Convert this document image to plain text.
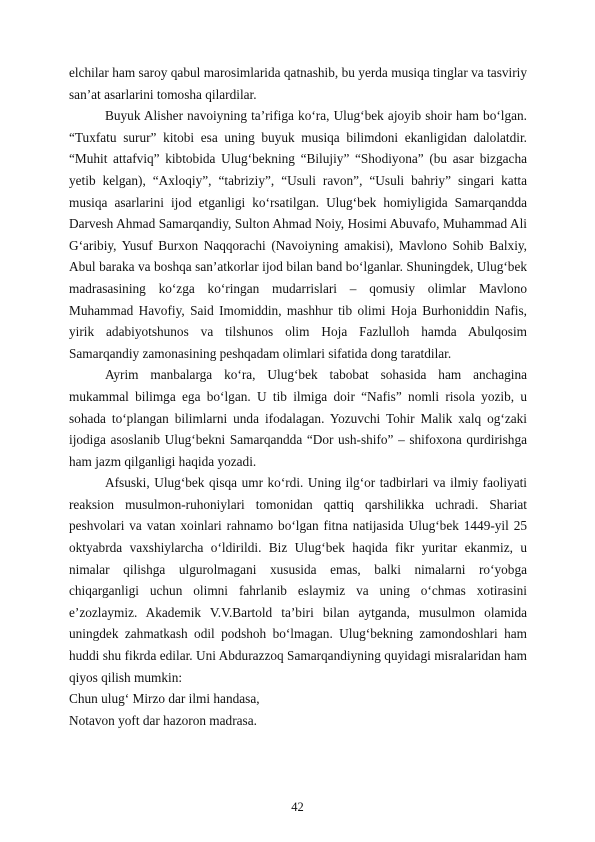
elchilar ham saroy qabul marosimlarida qatnashib, bu yerda musiqa tinglar va tasviriy san’at asarlarini tomosha qilardilar.

Buyuk Alisher navoiyning ta’rifiga ko‘ra, Ulug‘bek ajoyib shoir ham bo‘lgan. “Tuxfatu surur” kitobi esa uning buyuk musiqa bilimdoni ekanligidan dalolatdir. “Muhit attafviq” kibtobida Ulug‘bekning “Bilujiy” “Shodiyona” (bu asar bizgacha yetib kelgan), “Axloqiy”, “tabriziy”, “Usuli ravon”, “Usuli bahriy” singari katta musiqa asarlarini ijod etganligi ko‘rsatilgan. Ulug‘bek homiyligida Samarqandda Darvesh Ahmad Samarqandiy, Sulton Ahmad Noiy, Hosimi Abuvafo, Muhammad Ali G‘aribiy, Yusuf Burxon Naqqorachi (Navoiyning amakisi), Mavlono Sohib Balxiy, Abul baraka va boshqa san’atkorlar ijod bilan band bo‘lganlar. Shuningdek, Ulug‘bek madrasasining ko‘zga ko‘ringan mudarrislari – qomusiy olimlar Mavlono Muhammad Havofiy, Said Imomiddin, mashhur tib olimi Hoja Burhoniddin Nafis, yirik adabiyotshunos va tilshunos olim Hoja Fazlulloh hamda Abulqosim Samarqandiy zamonasining peshqadam olimlari sifatida dong taratdilar.

Ayrim manbalarga ko‘ra, Ulug‘bek tabobat sohasida ham anchagina mukammal bilimga ega bo‘lgan. U tib ilmiga doir “Nafis” nomli risola yozib, u sohada to‘plangan bilimlarni unda ifodalagan. Yozuvchi Tohir Malik xalq og‘zaki ijodiga asoslanib Ulug‘bekni Samarqandda “Dor ush-shifo” – shifoxona qurdirishga ham jazm qilganligi haqida yozadi.

Afsuski, Ulug‘bek qisqa umr ko‘rdi. Uning ilg‘or tadbirlari va ilmiy faoliyati reaksion musulmon-ruhoniylari tomonidan qattiq qarshilikka uchradi. Shariat peshvolari va vatan xoinlari rahnamo bo‘lgan fitna natijasida Ulug‘bek 1449-yil 25 oktyabrda vaxshiylarcha o‘ldirildi. Biz Ulug‘bek haqida fikr yuritar ekanmiz, u nimalar qilishga ulgurolmagani xususida emas, balki nimalarni ro‘yobga chiqarganligi uchun olimni fahrlanib eslaymiz va uning o‘chmas xotirasini e’zozlaymiz. Akademik V.V.Bartold ta’biri bilan aytganda, musulmon olamida uningdek zahmatkash odil podshoh bo‘lmagan. Ulug‘bekning zamondoshlari ham huddi shu fikrda edilar. Uni Abdurazzoq Samarqandiyning quyidagi misralaridan ham qiyos qilish mumkin:

Chun ulug‘ Mirzo dar ilmi handasa,

Notavon yoft dar hazoron madrasa.

42
